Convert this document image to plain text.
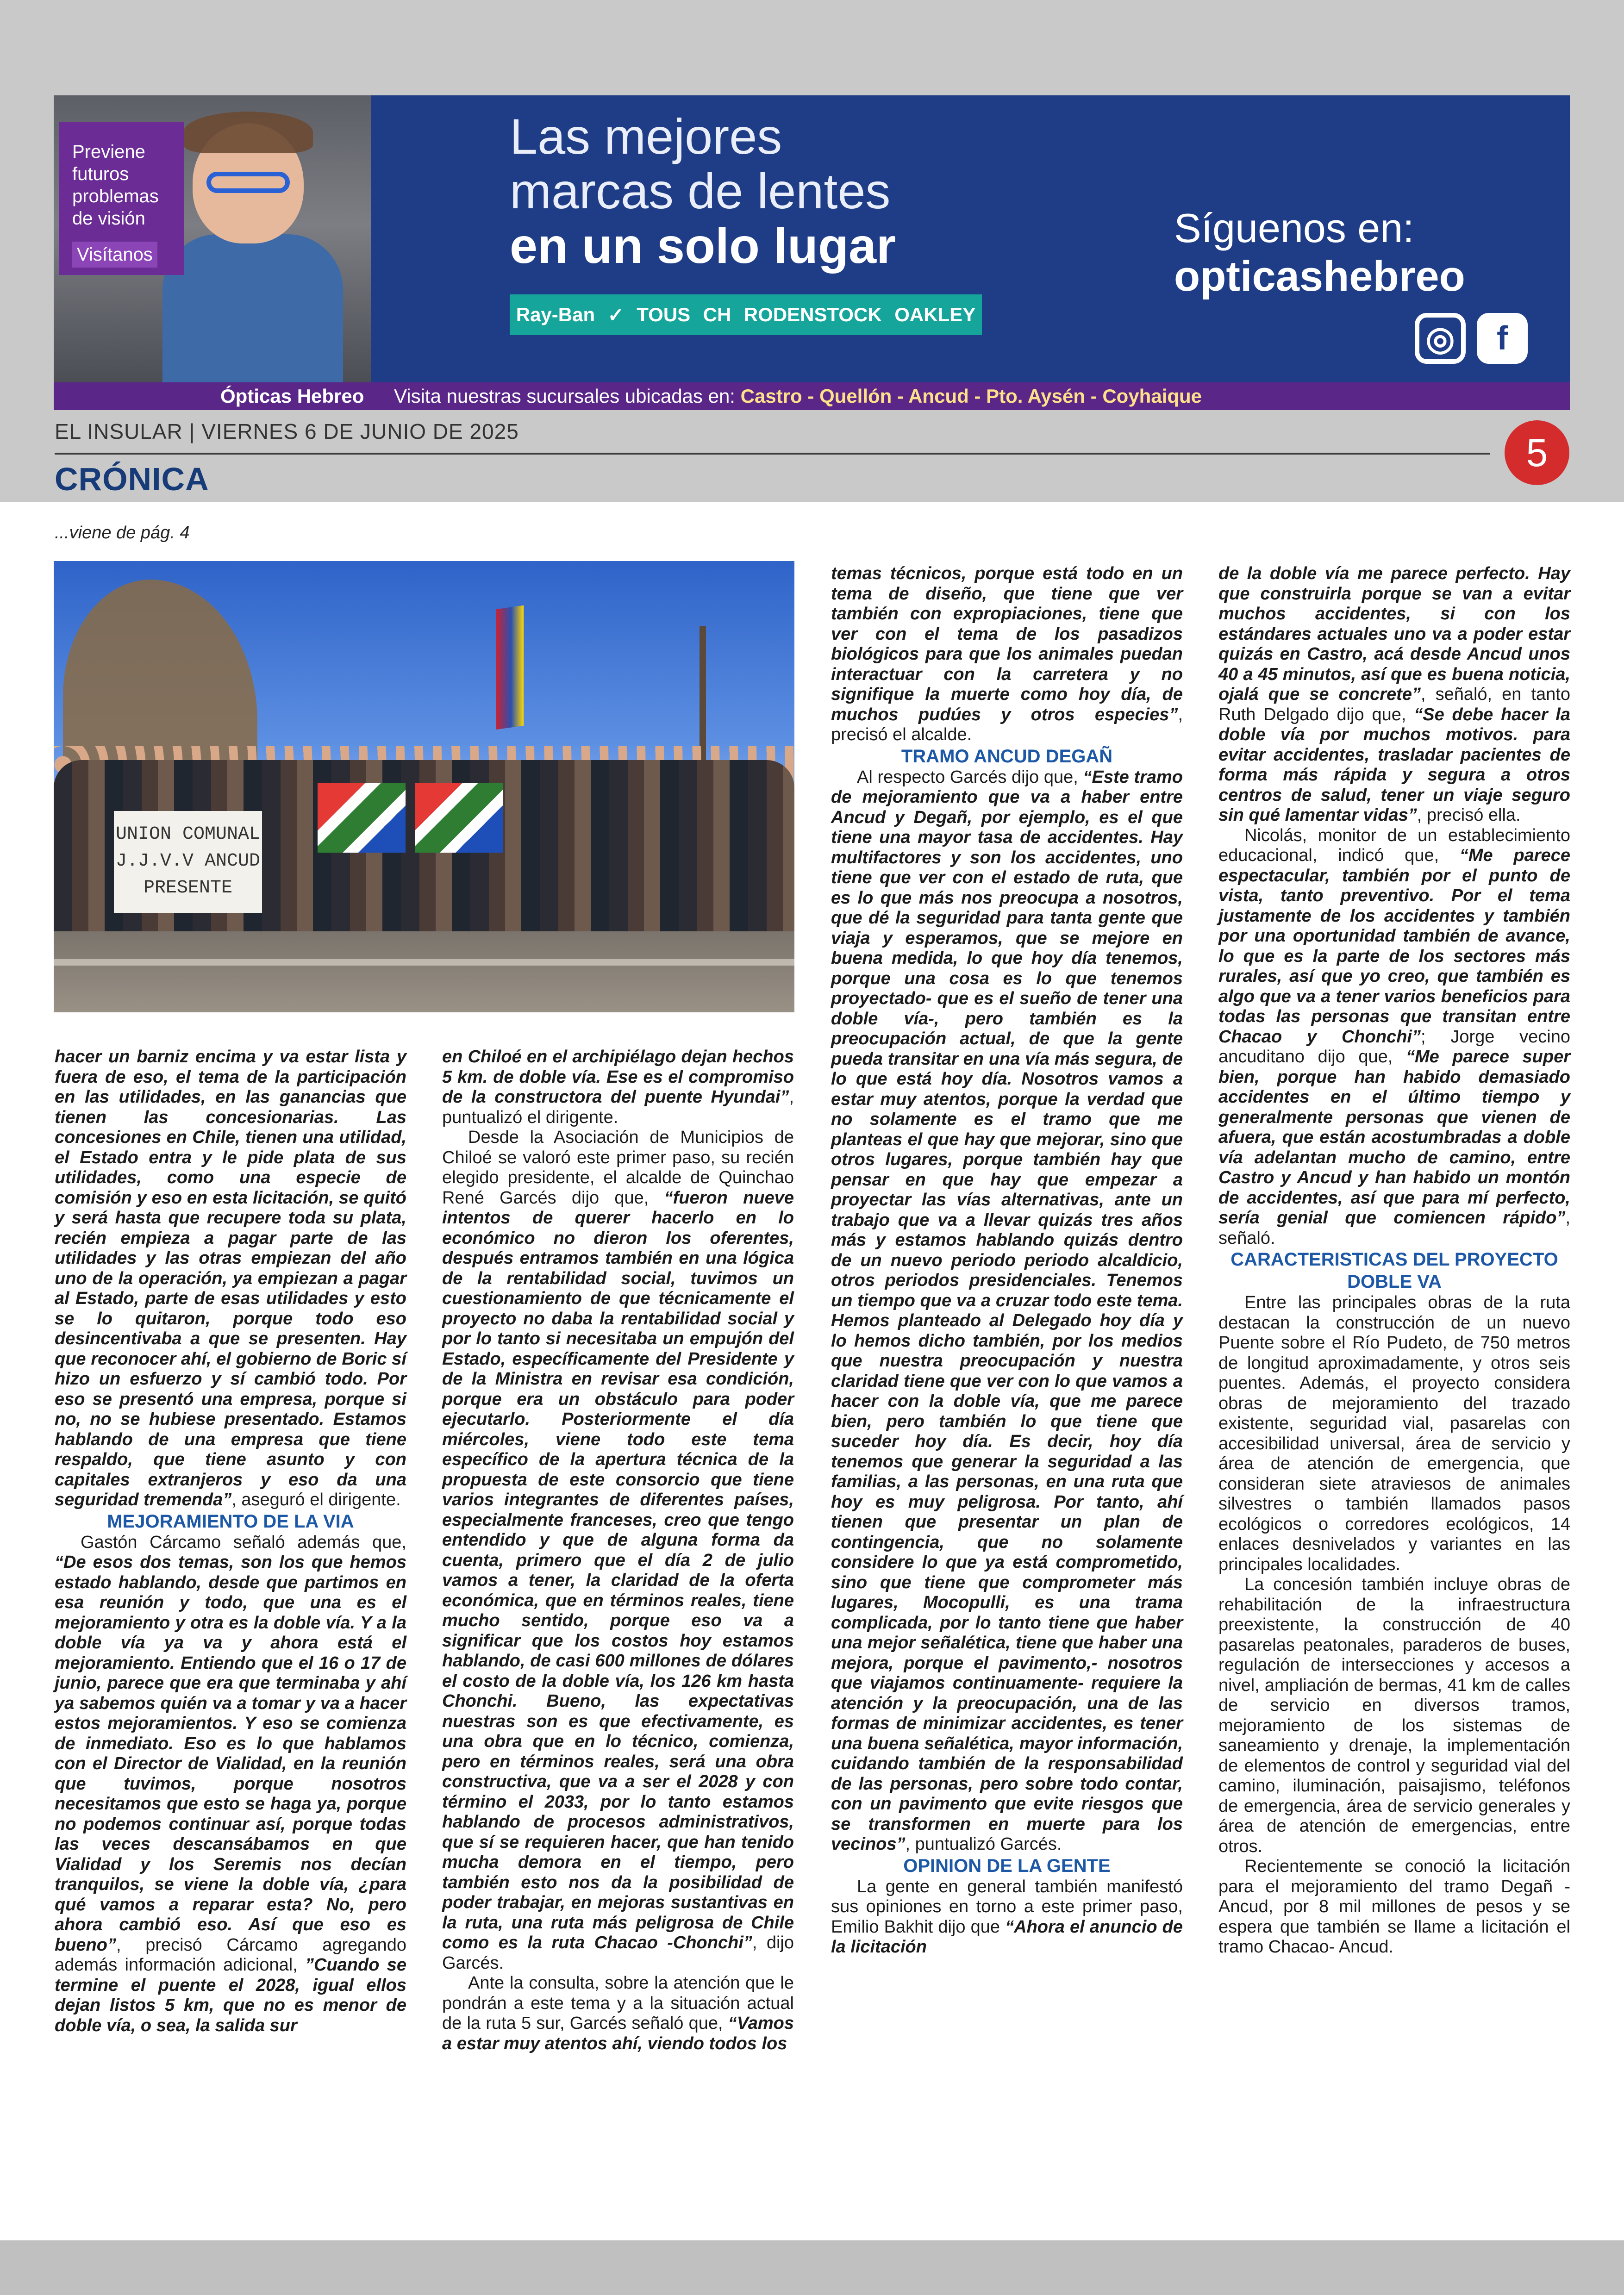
Previene futuros problemas de visión
Visítanos
Las mejores
marcas de lentes
en un solo lugar
Ray-Ban ✓ TOUS CH RODENSTOCK OAKLEY
Síguenos en:
opticashebreo
◎	f
Ópticas Hebreo Visita nuestras sucursales ubicadas en: Castro - Quellón - Ancud - Pto. Aysén - Coyhaique
EL INSULAR | VIERNES 6 DE JUNIO DE 2025	5
CRÓNICA
...viene de pág. 4
UNION COMUNAL J.J.V.V ANCUD PRESENTE

hacer un barniz encima y va estar lista y fuera de eso, el tema de la participación en las utilidades, en las ganancias que tienen las concesionarias. Las concesiones en Chile, tienen una utilidad, el Estado entra y le pide plata de sus utilidades, como una especie de comisión y eso en esta licitación, se quitó y será hasta que recupere toda su plata, recién empieza a pagar parte de las utilidades y las otras empiezan del año uno de la operación, ya empiezan a pagar al Estado, parte de esas utilidades y esto se lo quitaron, porque todo eso desincentivaba a que se presenten. Hay que reconocer ahí, el gobierno de Boric sí hizo un esfuerzo y sí cambió todo. Por eso se presentó una empresa, porque si no, no se hubiese presentado. Estamos hablando de una empresa que tiene respaldo, que tiene asunto y con capitales extranjeros y eso da una seguridad tremenda”, aseguró el dirigente.

MEJORAMIENTO DE LA VIA

Gastón Cárcamo señaló además que, “De esos dos temas, son los que hemos estado hablando, desde que partimos en esa reunión y todo, que una es el mejoramiento y otra es la doble vía. Y a la doble vía ya va y ahora está el mejoramiento. Entiendo que el 16 o 17 de junio, parece que era que terminaba y ahí ya sabemos quién va a tomar y va a hacer estos mejoramientos. Y eso se comienza de inmediato. Eso es lo que hablamos con el Director de Vialidad, en la reunión que tuvimos, porque nosotros necesitamos que esto se haga ya, porque no podemos continuar así, porque todas las veces descansábamos en que Vialidad y los Seremis nos decían tranquilos, se viene la doble vía, ¿para qué vamos a reparar esta? No, pero ahora cambió eso. Así que eso es bueno”, precisó Cárcamo agregando además información adicional, ”Cuando se termine el puente el 2028, igual ellos dejan listos 5 km, que no es menor de doble vía, o sea, la salida sur

en Chiloé en el archipiélago dejan hechos 5 km. de doble vía. Ese es el compromiso de la constructora del puente Hyundai”, puntualizó el dirigente.

Desde la Asociación de Municipios de Chiloé se valoró este primer paso, su recién elegido presidente, el alcalde de Quinchao René Garcés dijo que, “fueron nueve intentos de querer hacerlo en lo económico no dieron los oferentes, después entramos también en una lógica de la rentabilidad social, tuvimos un cuestionamiento de que técnicamente el proyecto no daba la rentabilidad social y por lo tanto si necesitaba un empujón del Estado, específicamente del Presidente y de la Ministra en revisar esa condición, porque era un obstáculo para poder ejecutarlo. Posteriormente el día miércoles, viene todo este tema específico de la apertura técnica de la propuesta de este consorcio que tiene varios integrantes de diferentes países, especialmente franceses, creo que tengo entendido y que de alguna forma da cuenta, primero que el día 2 de julio vamos a tener, la claridad de la oferta económica, que en términos reales, tiene mucho sentido, porque eso va a significar que los costos hoy estamos hablando, de casi 600 millones de dólares el costo de la doble vía, los 126 km hasta Chonchi. Bueno, las expectativas nuestras son es que efectivamente, es una obra que en lo técnico, comienza, pero en términos reales, será una obra constructiva, que va a ser el 2028 y con término el 2033, por lo tanto estamos hablando de procesos administrativos, que sí se requieren hacer, que han tenido mucha demora en el tiempo, pero también esto nos da la posibilidad de poder trabajar, en mejoras sustantivas en la ruta, una ruta más peligrosa de Chile como es la ruta Chacao -Chonchi”, dijo Garcés.

Ante la consulta, sobre la atención que le pondrán a este tema y a la situación actual de la ruta 5 sur, Garcés señaló que, “Vamos a estar muy atentos ahí, viendo todos los

temas técnicos, porque está todo en un tema de diseño, que tiene que ver también con expropiaciones, tiene que ver con el tema de los pasadizos biológicos para que los animales puedan interactuar con la carretera y no signifique la muerte como hoy día, de muchos pudúes y otros especies”, precisó el alcalde.

TRAMO ANCUD DEGAÑ

Al respecto Garcés dijo que, “Este tramo de mejoramiento que va a haber entre Ancud y Degañ, por ejemplo, es el que tiene una mayor tasa de accidentes. Hay multifactores y son los accidentes, uno tiene que ver con el estado de ruta, que es lo que más nos preocupa a nosotros, que dé la seguridad para tanta gente que viaja y esperamos, que se mejore en buena medida, lo que hoy día tenemos, porque una cosa es lo que tenemos proyectado- que es el sueño de tener una doble vía-, pero también es la preocupación actual, de que la gente pueda transitar en una vía más segura, de lo que está hoy día. Nosotros vamos a estar muy atentos, porque la verdad que no solamente es el tramo que me planteas el que hay que mejorar, sino que otros lugares, porque también hay que pensar en que hay que empezar a proyectar las vías alternativas, ante un trabajo que va a llevar quizás tres años más y estamos hablando quizás dentro de un nuevo periodo periodo alcaldicio, otros periodos presidenciales. Tenemos un tiempo que va a cruzar todo este tema. Hemos planteado al Delegado hoy día y lo hemos dicho también, por los medios que nuestra preocupación y nuestra claridad tiene que ver con lo que vamos a hacer con la doble vía, que me parece bien, pero también lo que tiene que suceder hoy día. Es decir, hoy día tenemos que generar la seguridad a las familias, a las personas, en una ruta que hoy es muy peligrosa. Por tanto, ahí tienen que presentar un plan de contingencia, que no solamente considere lo que ya está comprometido, sino que tiene que comprometer más lugares, Mocopulli, es una trama complicada, por lo tanto tiene que haber una mejor señalética, tiene que haber una mejora, porque el pavimento,- nosotros que viajamos continuamente- requiere la atención y la preocupación, una de las formas de minimizar accidentes, es tener una buena señalética, mayor información, cuidando también de la responsabilidad de las personas, pero sobre todo contar, con un pavimento que evite riesgos que se transformen en muerte para los vecinos”, puntualizó Garcés.

OPINION DE LA GENTE

La gente en general también manifestó sus opiniones en torno a este primer paso, Emilio Bakhit dijo que “Ahora el anuncio de la licitación

de la doble vía me parece perfecto. Hay que construirla porque se van a evitar muchos accidentes, si con los estándares actuales uno va a poder estar quizás en Castro, acá desde Ancud unos 40 a 45 minutos, así que es buena noticia, ojalá que se concrete”, señaló, en tanto Ruth Delgado dijo que, “Se debe hacer la doble vía por muchos motivos. para evitar accidentes, trasladar pacientes de forma más rápida y segura a otros centros de salud, tener un viaje seguro sin qué lamentar vidas”, precisó ella.

Nicolás, monitor de un establecimiento educacional, indicó que, “Me parece espectacular, también por el punto de vista, tanto preventivo. Por el tema justamente de los accidentes y también por una oportunidad también de avance, lo que es la parte de los sectores más rurales, así que yo creo, que también es algo que va a tener varios beneficios para todas las personas que transitan entre Chacao y Chonchi”; Jorge vecino ancuditano dijo que, “Me parece super bien, porque han habido demasiado accidentes en el último tiempo y generalmente personas que vienen de afuera, que están acostumbradas a doble vía adelantan mucho de camino, entre Castro y Ancud y han habido un montón de accidentes, así que para mí perfecto, sería genial que comiencen rápido”, señaló.

CARACTERISTICAS DEL PROYECTO DOBLE VA

Entre las principales obras de la ruta destacan la construcción de un nuevo Puente sobre el Río Pudeto, de 750 metros de longitud aproximadamente, y otros seis puentes. Además, el proyecto considera obras de mejoramiento del trazado existente, seguridad vial, pasarelas con accesibilidad universal, área de servicio y área de atención de emergencia, que consideran siete atraviesos de animales silvestres o también llamados pasos ecológicos o corredores ecológicos, 14 enlaces desnivelados y variantes en las principales localidades.

La concesión también incluye obras de rehabilitación de la infraestructura preexistente, la construcción de 40 pasarelas peatonales, paraderos de buses, regulación de intersecciones y accesos a nivel, ampliación de bermas, 41 km de calles de servicio en diversos tramos, mejoramiento de los sistemas de saneamiento y drenaje, la implementación de elementos de control y seguridad vial del camino, iluminación, paisajismo, teléfonos de emergencia, área de servicio generales y área de atención de emergencias, entre otros.

Recientemente se conoció la licitación para el mejoramiento del tramo Degañ -Ancud, por 8 mil millones de pesos y se espera que también se llame a licitación el tramo Chacao- Ancud.
